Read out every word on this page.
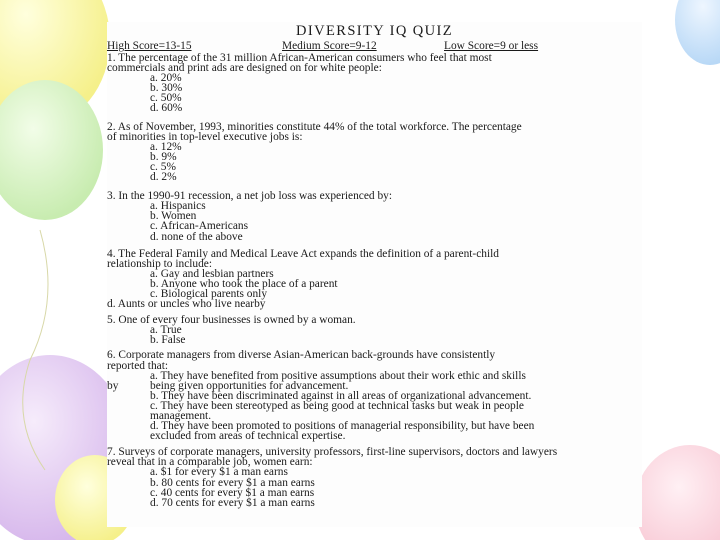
DIVERSITY IQ QUIZ
High Score=13-15	Medium Score=9-12	Low Score=9 or less
1. The percentage of the 31 million African-American consumers who feel that most
commercials and print ads are designed on for white people:
a. 20%
b. 30%
c. 50%
d. 60%
2. As of November, 1993, minorities constitute 44% of the total workforce. The percentage
of minorities in top-level executive jobs is:
a. 12%
b. 9%
c. 5%
d. 2%
3. In the 1990-91 recession, a net job loss was experienced by:
a. Hispanics
b. Women
c. African-Americans
d. none of the above
4. The Federal Family and Medical Leave Act expands the definition of a parent-child
relationship to include:
a. Gay and lesbian partners
b. Anyone who took the place of a parent
c. Biological parents only
d. Aunts or uncles who live nearby
5. One of every four businesses is owned by a woman.
a. True
b. False
6. Corporate managers from diverse Asian-American back-grounds have consistently
reported that:
a. They have benefited from positive assumptions about their work ethic and skills
by	being given opportunities for advancement.
b. They have been discriminated against in all areas of organizational advancement.
c. They have been stereotyped as being good at technical tasks but weak in people
management.
d. They have been promoted to positions of managerial responsibility, but have been
excluded from areas of technical expertise.
7. Surveys of corporate managers, university professors, first-line supervisors, doctors and lawyers
reveal that in a comparable job, women earn:
a. $1 for every $1 a man earns
b. 80 cents for every $1 a man earns
c. 40 cents for every $1 a man earns
d. 70 cents for every $1 a man earns
